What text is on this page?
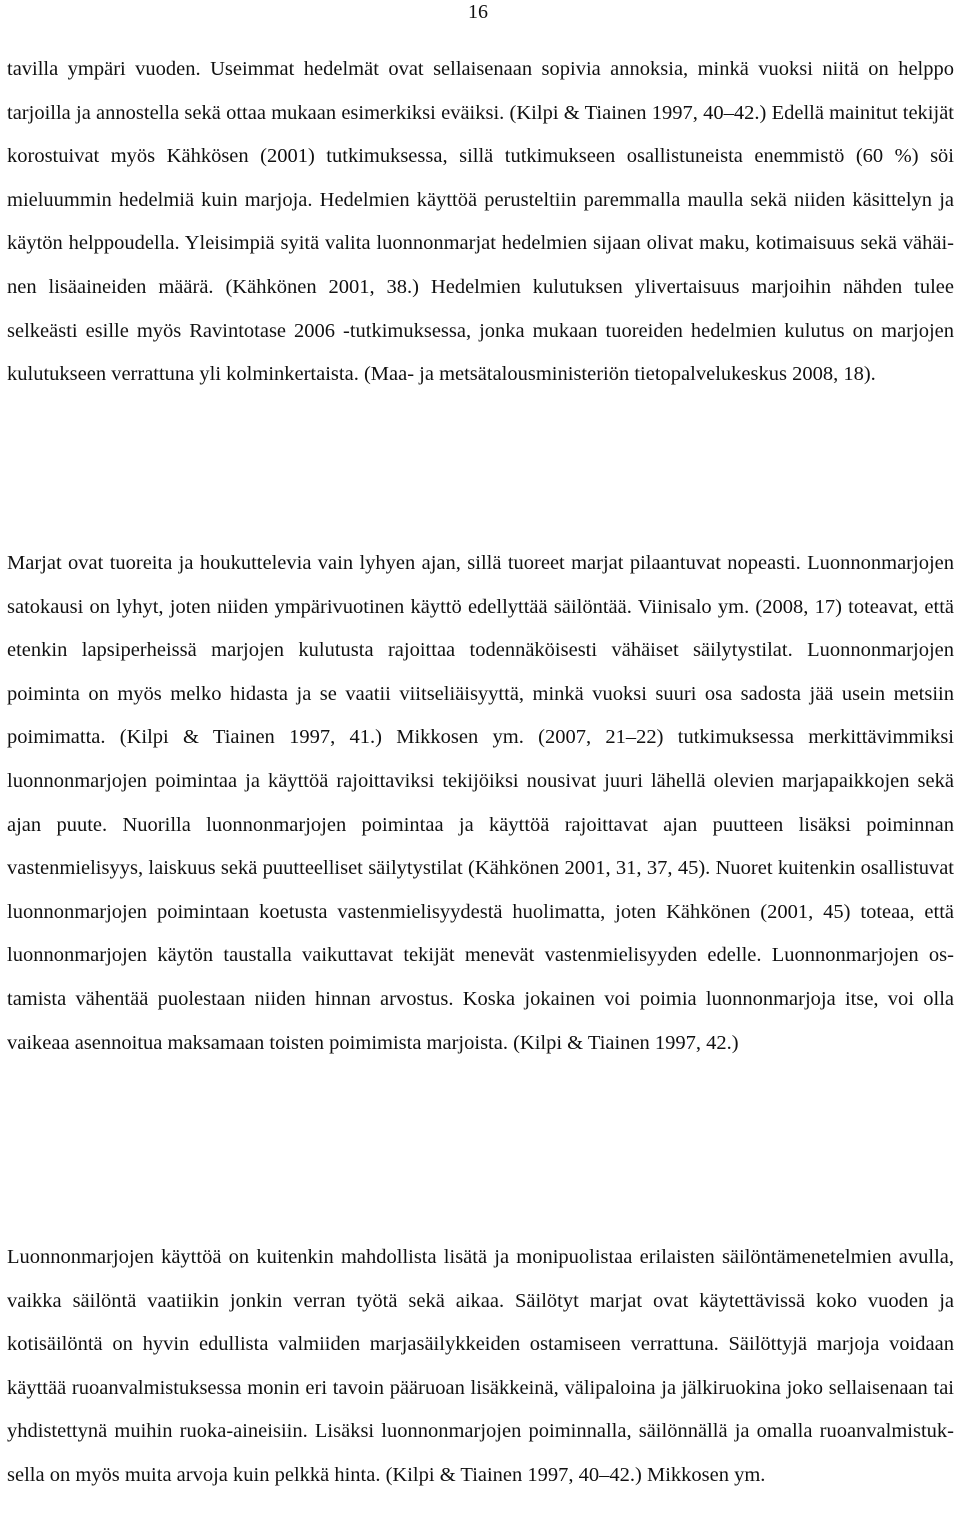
16

tavilla ympäri vuoden. Useimmat hedelmät ovat sellaisenaan sopivia annoksia, minkä vuoksi niitä on helppo tarjoilla ja annostella sekä ottaa mukaan esimerkiksi eväiksi. (Kilpi & Tiainen 1997, 40–42.) Edellä mainitut tekijät korostuivat myös Kähkösen (2001) tutkimuksessa, sillä tutkimukseen osallistuneista enemmistö (60 %) söi mieluummin hedelmiä kuin marjoja. Hedelmien käyttöä perusteltiin paremmalla maulla sekä niiden käsittelyn ja käytön helppoudella. Yleisimpiä syitä valita luonnonmarjat hedelmien sijaan olivat maku, kotimaisuus sekä vähäinen lisäaineiden määrä. (Kähkönen 2001, 38.) Hedelmien kulutuksen ylivertaisuus marjoihin nähden tulee selkeästi esille myös Ravintotase 2006 -tutkimuksessa, jonka mukaan tuoreiden hedelmien kulutus on marjojen kulutukseen verrattuna yli kolminkertaista. (Maa- ja metsätalousministeriön tietopalvelukeskus 2008, 18).

Marjat ovat tuoreita ja houkuttelevia vain lyhyen ajan, sillä tuoreet marjat pilaantuvat nopeasti. Luonnonmarjojen satokausi on lyhyt, joten niiden ympärivuotinen käyttö edellyttää säilöntää. Viinisalo ym. (2008, 17) toteavat, että etenkin lapsiperheissä marjojen kulutusta rajoittaa todennäköisesti vähäiset säilytystilat. Luonnonmarjojen poiminta on myös melko hidasta ja se vaatii viitseliäisyyttä, minkä vuoksi suuri osa sadosta jää usein metsiin poimimatta. (Kilpi & Tiainen 1997, 41.) Mikkosen ym. (2007, 21–22) tutkimuksessa merkittävimmiksi luonnonmarjojen poimintaa ja käyttöä rajoittaviksi tekijöiksi nousivat juuri lähellä olevien marjapaikkojen sekä ajan puute. Nuorilla luonnonmarjojen poimintaa ja käyttöä rajoittavat ajan puutteen lisäksi poiminnan vastenmielisyys, laiskuus sekä puutteelliset säilytystilat (Kähkönen 2001, 31, 37, 45). Nuoret kuitenkin osallistuvat luonnonmarjojen poimintaan koetusta vastenmielisyydestä huolimatta, joten Kähkönen (2001, 45) toteaa, että luonnonmarjojen käytön taustalla vaikuttavat tekijät menevät vastenmielisyyden edelle. Luonnonmarjojen ostamista vähentää puolestaan niiden hinnan arvostus. Koska jokainen voi poimia luonnonmarjoja itse, voi olla vaikeaa asennoitua maksamaan toisten poimimista marjoista. (Kilpi & Tiainen 1997, 42.)

Luonnonmarjojen käyttöä on kuitenkin mahdollista lisätä ja monipuolistaa erilaisten säilöntämenetelmien avulla, vaikka säilöntä vaatiikin jonkin verran työtä sekä aikaa. Säilötyt marjat ovat käytettävissä koko vuoden ja kotisäilöntä on hyvin edullista valmiiden marjasäilykkeiden ostamiseen verrattuna. Säilöttyjä marjoja voidaan käyttää ruoanvalmistuksessa monin eri tavoin pääruoan lisäkkeinä, välipaloina ja jälkiruokina joko sellaisenaan tai yhdistettynä muihin ruoka-aineisiin. Lisäksi luonnonmarjojen poiminnalla, säilönnällä ja omalla ruoanvalmistuksella on myös muita arvoja kuin pelkkä hinta. (Kilpi & Tiainen 1997, 40–42.) Mikkosen ym.
